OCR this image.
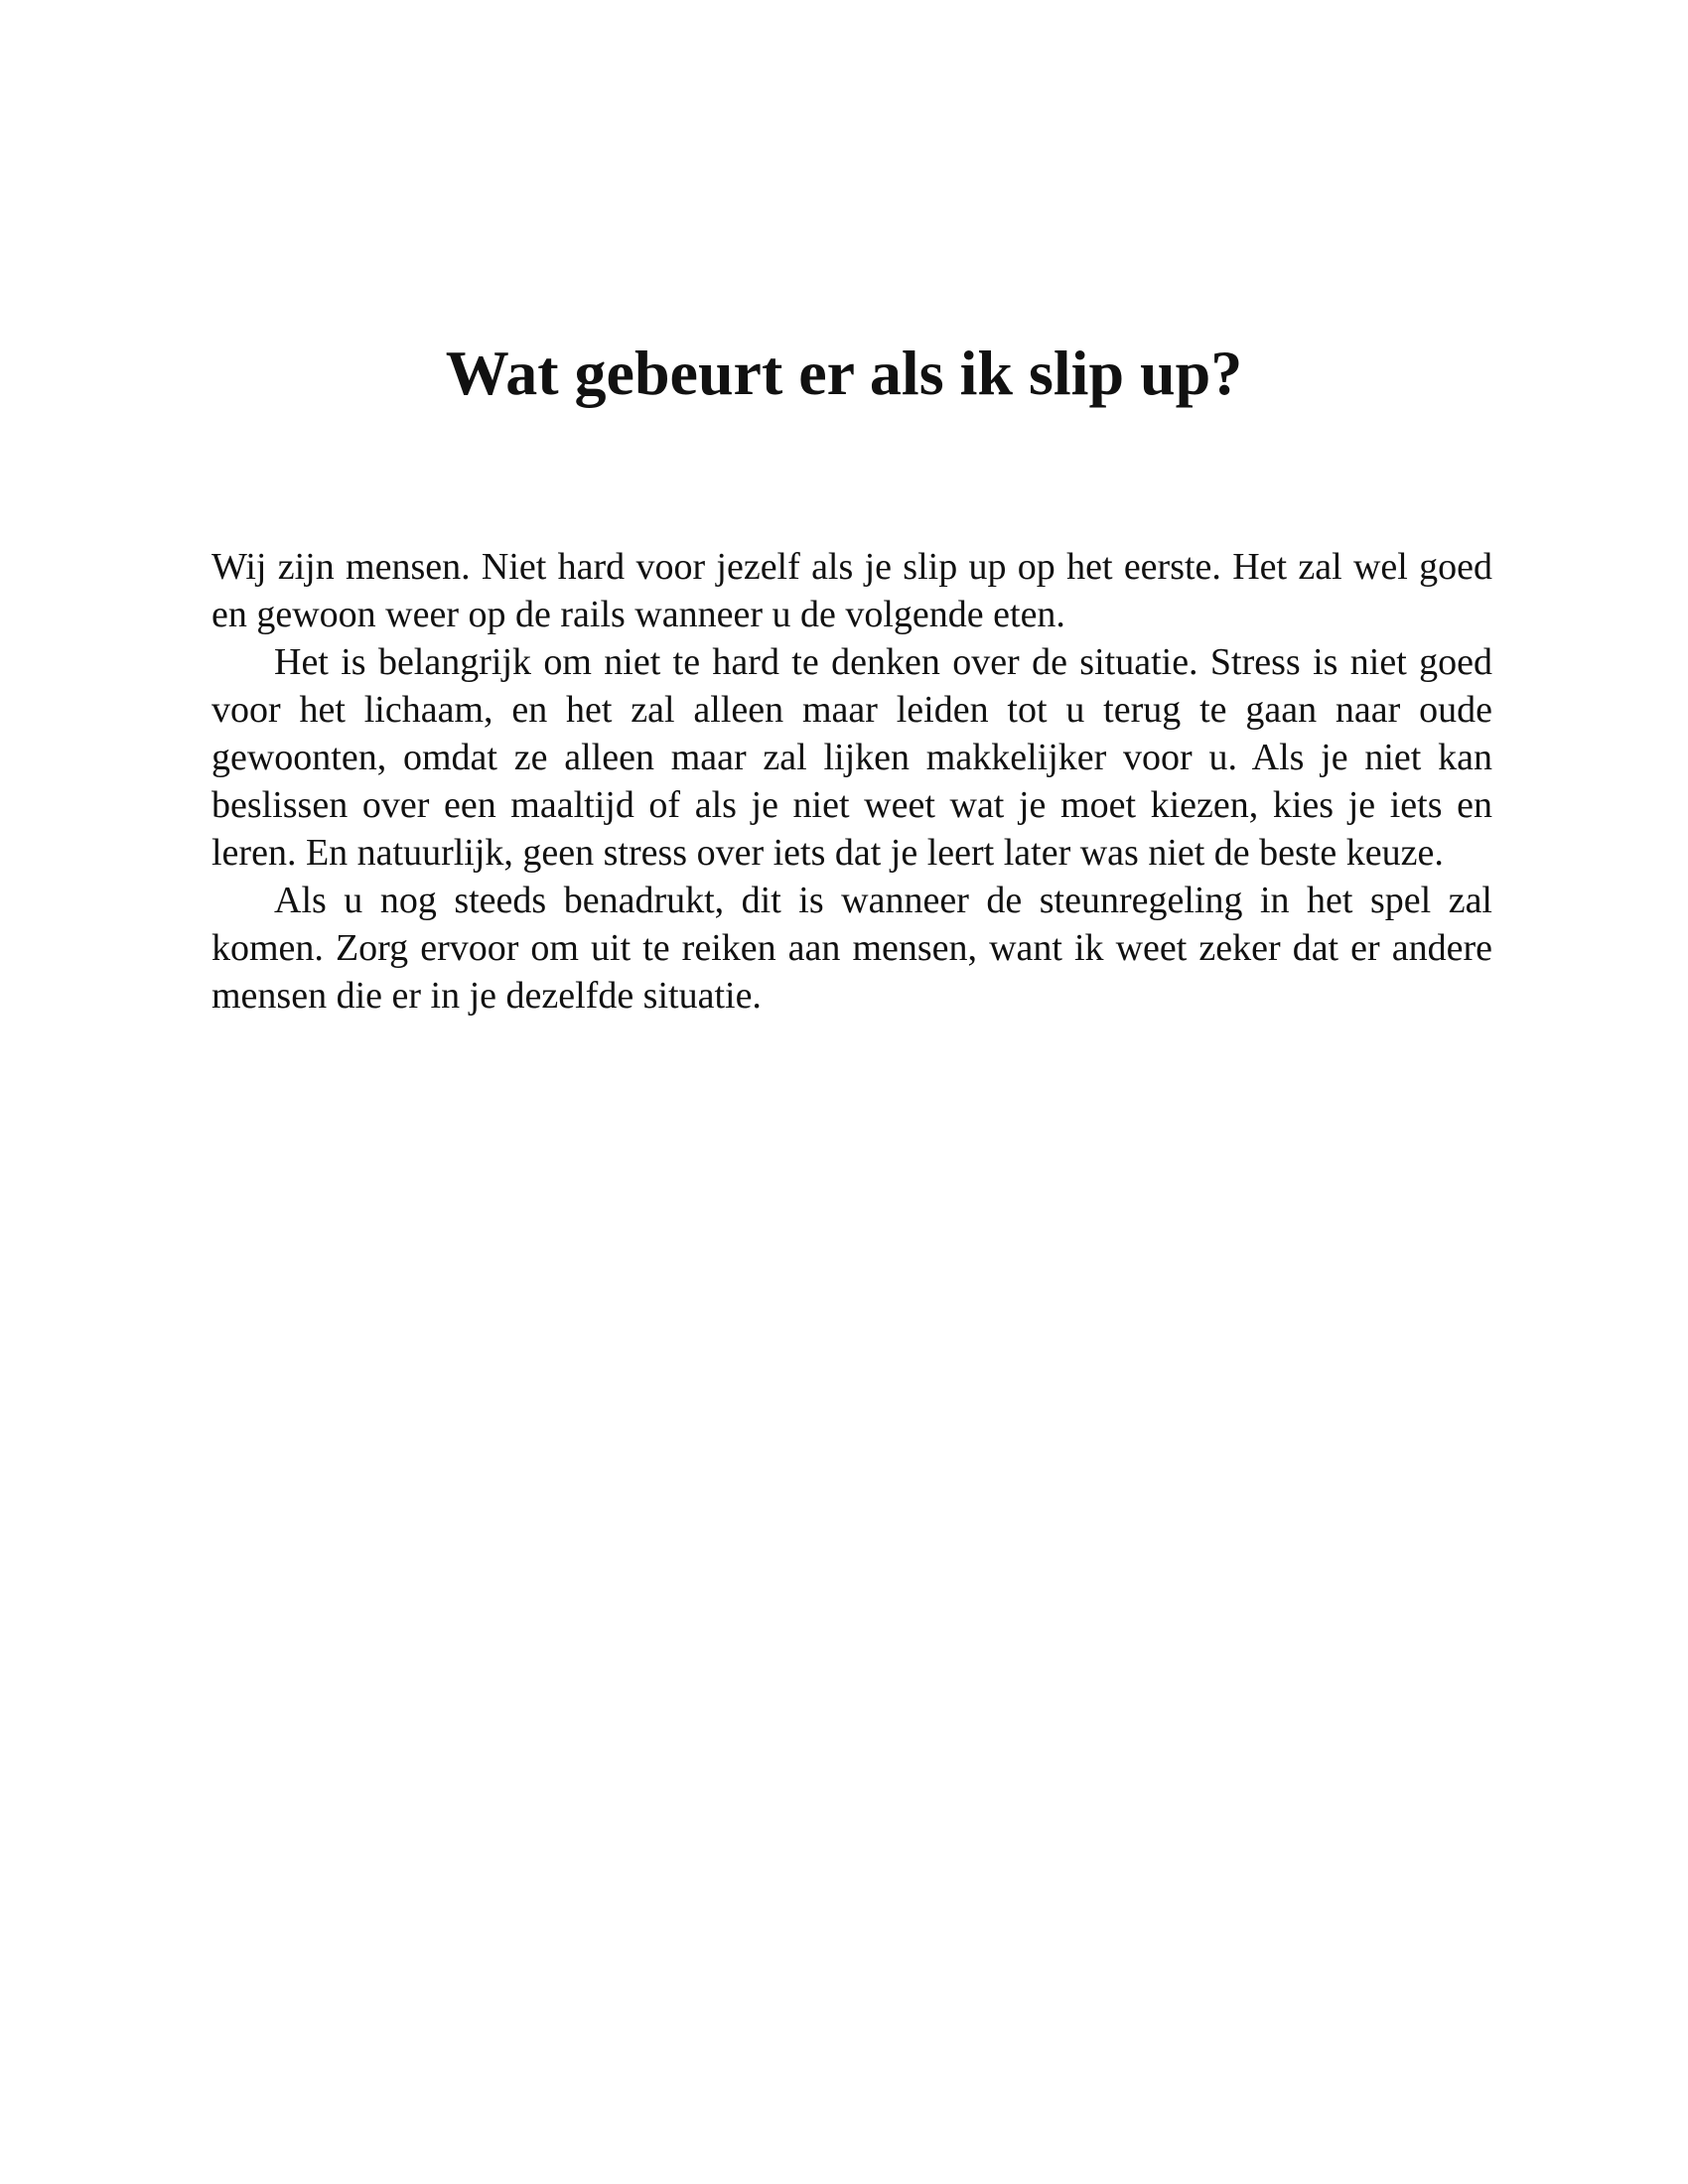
Wat gebeurt er als ik slip up?

Wij zijn mensen. Niet hard voor jezelf als je slip up op het eerste. Het zal wel goed en gewoon weer op de rails wanneer u de volgende eten.

Het is belangrijk om niet te hard te denken over de situatie. Stress is niet goed voor het lichaam, en het zal alleen maar leiden tot u terug te gaan naar oude gewoonten, omdat ze alleen maar zal lijken makkelijker voor u. Als je niet kan beslissen over een maaltijd of als je niet weet wat je moet kiezen, kies je iets en leren. En natuurlijk, geen stress over iets dat je leert later was niet de beste keuze.

Als u nog steeds benadrukt, dit is wanneer de steunregeling in het spel zal komen. Zorg ervoor om uit te reiken aan mensen, want ik weet zeker dat er andere mensen die er in je dezelfde situatie.
